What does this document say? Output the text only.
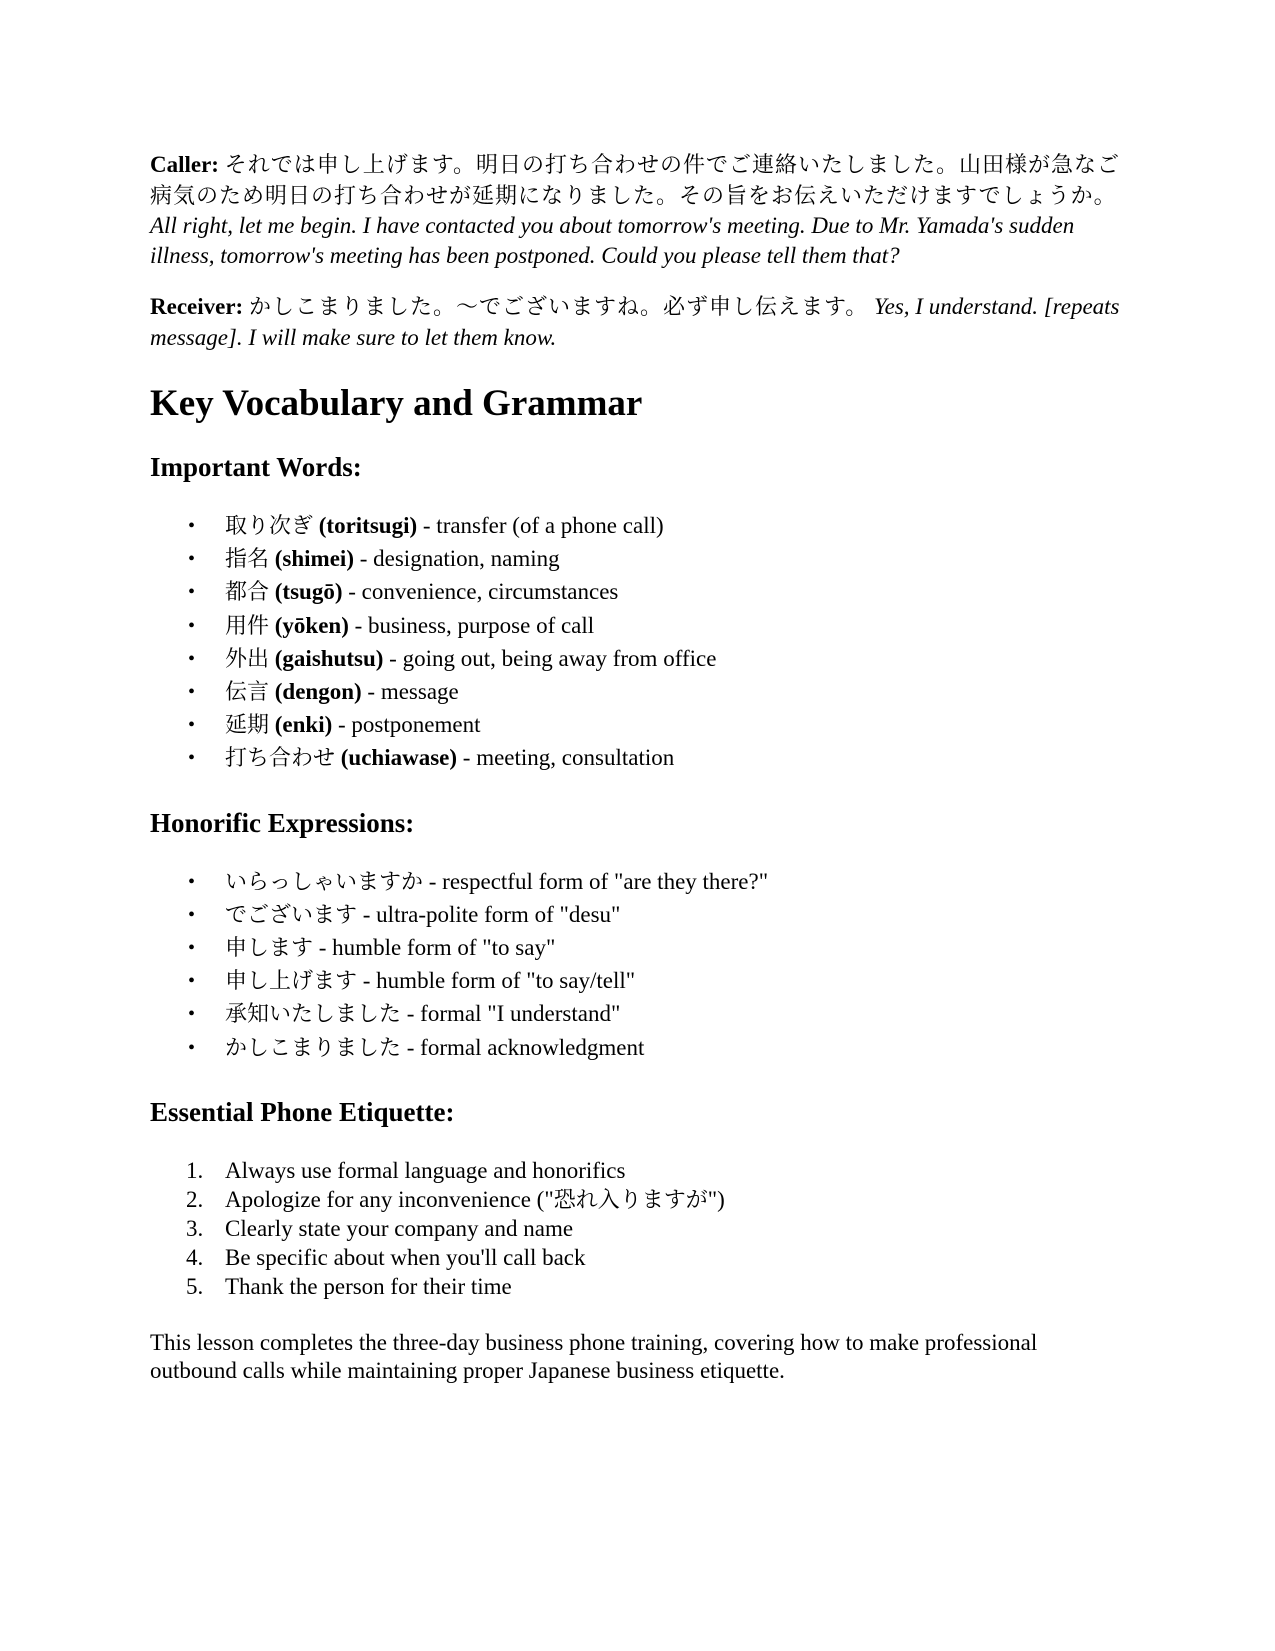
Caller: それでは申し上げます。明日の打ち合わせの件でご連絡いたしました。山田様が急なご病気のため明日の打ち合わせが延期になりました。その旨をお伝えいただけますでしょうか。 All right, let me begin. I have contacted you about tomorrow's meeting. Due to Mr. Yamada's sudden illness, tomorrow's meeting has been postponed. Could you please tell them that?

Receiver: かしこまりました。〜でございますね。必ず申し伝えます。 Yes, I understand. [repeats message]. I will make sure to let them know.

Key Vocabulary and Grammar
Important Words:
• 取り次ぎ (toritsugi) - transfer (of a phone call)
• 指名 (shimei) - designation, naming
• 都合 (tsugō) - convenience, circumstances
• 用件 (yōken) - business, purpose of call
• 外出 (gaishutsu) - going out, being away from office
• 伝言 (dengon) - message
• 延期 (enki) - postponement
• 打ち合わせ (uchiawase) - meeting, consultation
Honorific Expressions:
• いらっしゃいますか - respectful form of "are they there?"
• でございます - ultra-polite form of "desu"
• 申します - humble form of "to say"
• 申し上げます - humble form of "to say/tell"
• 承知いたしました - formal "I understand"
• かしこまりました - formal acknowledgment
Essential Phone Etiquette:
1. Always use formal language and honorifics
2. Apologize for any inconvenience ("恐れ入りますが")
3. Clearly state your company and name
4. Be specific about when you'll call back
5. Thank the person for their time

This lesson completes the three-day business phone training, covering how to make professional outbound calls while maintaining proper Japanese business etiquette.
